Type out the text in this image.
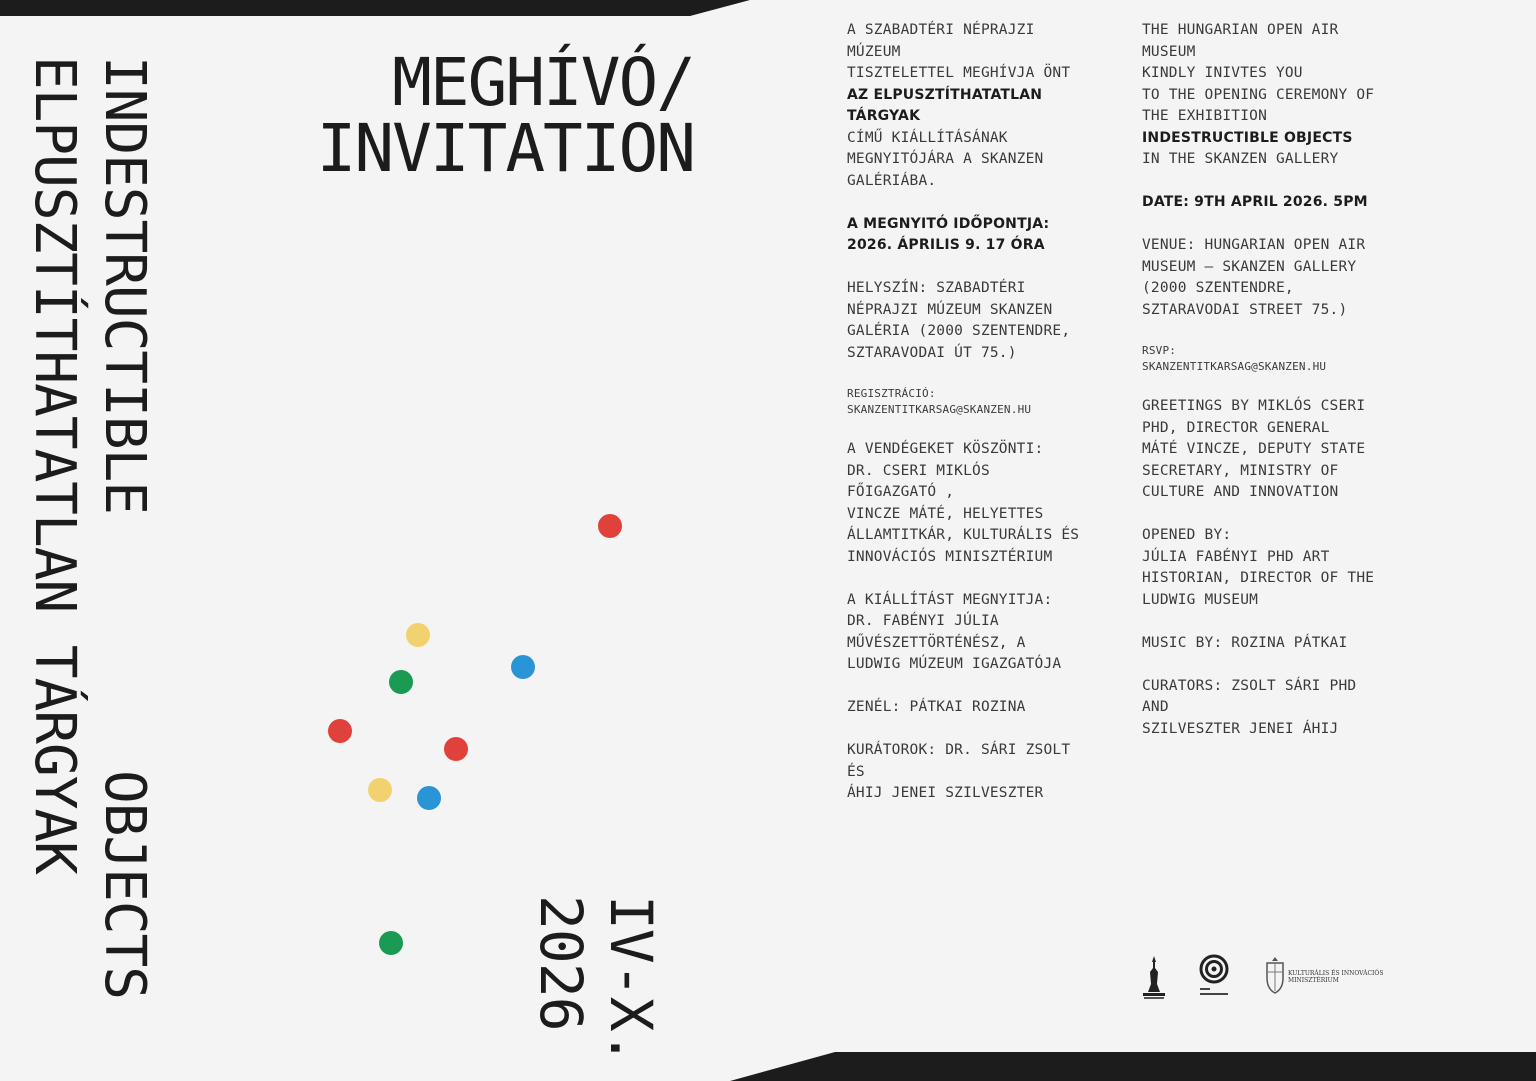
INDESTRUCTIBLE
OBJECTS
ELPUSZTÍTHATATLAN TÁRGYAK
2026 IV-X.
MEGHÍVÓ/
INVITATION

A SZABADTÉRI NÉPRAJZI MÚZEUM
TISZTELETTEL MEGHÍVJA ÖNT
AZ ELPUSZTÍTHATATLAN TÁRGYAK
CÍMŰ KIÁLLÍTÁSÁNAK MEGNYITÓJÁRA A SKANZEN GALÉRIÁBA.

A MEGNYITÓ IDŐPONTJA:
2026. ÁPRILIS 9. 17 ÓRA

HELYSZÍN: SZABADTÉRI NÉPRAJZI MÚZEUM SKANZEN GALÉRIA (2000 SZENTENDRE, SZTARAVODAI ÚT 75.)

REGISZTRÁCIÓ:
SKANZENTITKARSAG@SKANZEN.HU

A VENDÉGEKET KÖSZÖNTI:
DR. CSERI MIKLÓS FŐIGAZGATÓ ,
VINCZE MÁTÉ, HELYETTES ÁLLAMTITKÁR, KULTURÁLIS ÉS INNOVÁCIÓS MINISZTÉRIUM

A KIÁLLÍTÁST MEGNYITJA:
DR. FABÉNYI JÚLIA MŰVÉSZETTÖRTÉNÉSZ, A LUDWIG MÚZEUM IGAZGATÓJA

ZENÉL: PÁTKAI ROZINA

KURÁTOROK: DR. SÁRI ZSOLT ÉS
ÁHIJ JENEI SZILVESZTER

THE HUNGARIAN OPEN AIR MUSEUM
KINDLY INIVTES YOU
TO THE OPENING CEREMONY OF
THE EXHIBITION
INDESTRUCTIBLE OBJECTS
IN THE SKANZEN GALLERY

DATE: 9TH APRIL 2026. 5PM

VENUE: HUNGARIAN OPEN AIR MUSEUM – SKANZEN GALLERY (2000 SZENTENDRE, SZTARAVODAI STREET 75.)

RSVP:
SKANZENTITKARSAG@SKANZEN.HU

GREETINGS BY MIKLÓS CSERI PHD, DIRECTOR GENERAL
MÁTÉ VINCZE, DEPUTY STATE SECRETARY, MINISTRY OF
CULTURE AND INNOVATION

OPENED BY:
JÚLIA FABÉNYI PHD ART HISTORIAN, DIRECTOR OF THE LUDWIG MUSEUM

MUSIC BY: ROZINA PÁTKAI

CURATORS: ZSOLT SÁRI PHD AND
SZILVESZTER JENEI ÁHIJ

KULTURÁLIS ÉS INNOVÁCIÓS
MINISZTÉRIUM
